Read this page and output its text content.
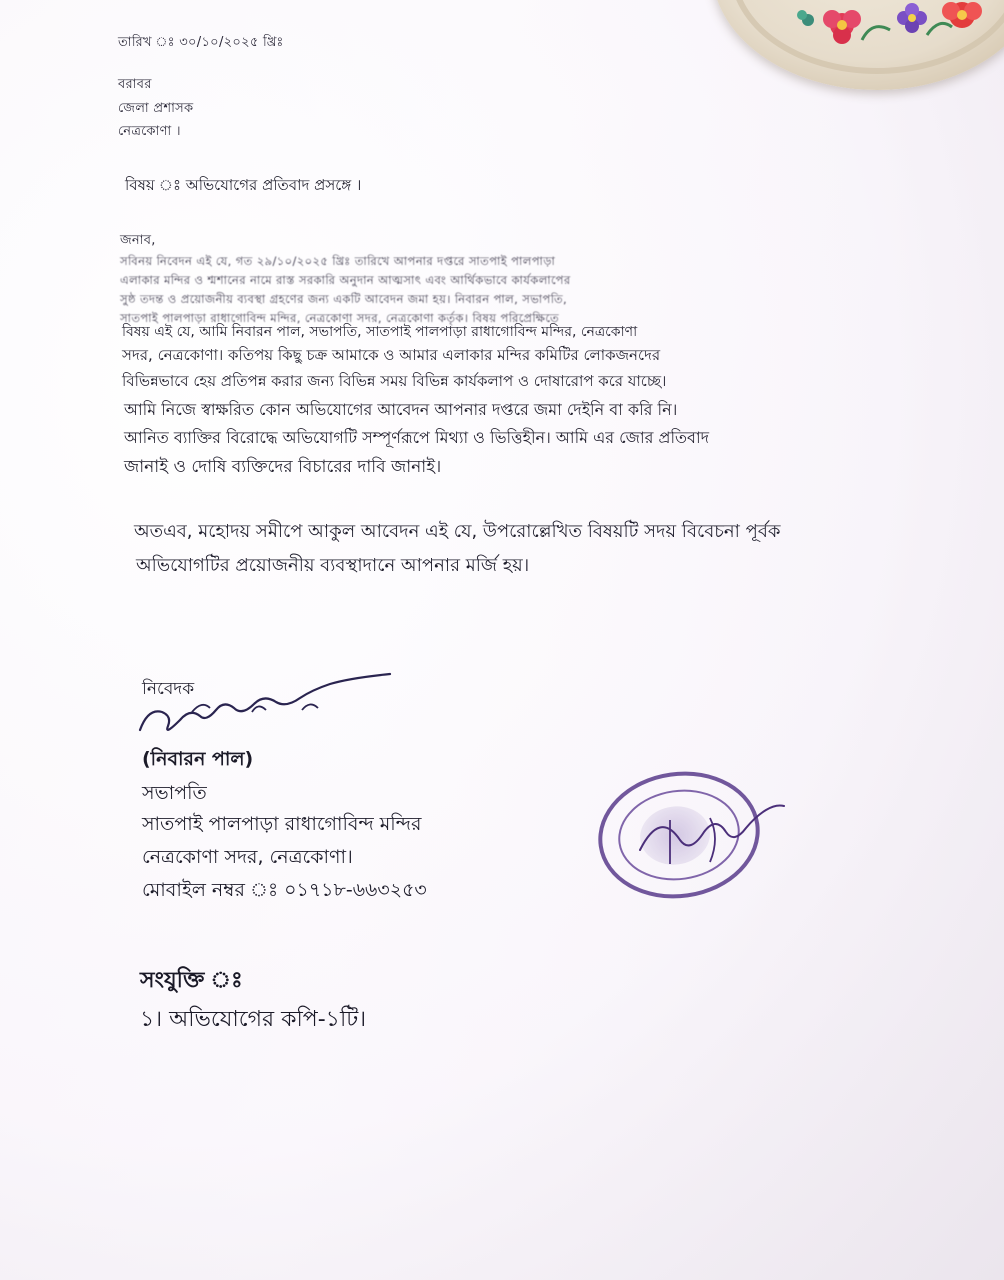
তারিখ ঃ ৩০/১০/২০২৫ খ্রিঃ
বরাবর
জেলা প্রশাসক
নেত্রকোণা ।
বিষয় ঃ অভিযোগের প্রতিবাদ প্রসঙ্গে ।
জনাব,
সবিনয় নিবেদন এই যে, গত ২৯/১০/২০২৫ খ্রিঃ তারিখে আপনার দপ্তরে সাতপাই পালপাড়া
এলাকার মন্দির ও শ্মশানের নামে রাস্ত সরকারি অনুদান আত্মসাৎ এবং আর্থিকভাবে কার্যকলাপের
সুষ্ঠ তদন্ত ও প্রয়োজনীয় ব্যবস্থা গ্রহণের জন্য একটি আবেদন জমা হয়। নিবারন পাল, সভাপতি,
সাতপাই পালপাড়া রাধাগোবিন্দ মন্দির, নেত্রকোণা সদর, নেত্রকোণা কর্তৃক। বিষয় পরিপ্রেক্ষিতে
বিষয় এই যে, আমি নিবারন পাল, সভাপতি, সাতপাই পালপাড়া রাধাগোবিন্দ মন্দির, নেত্রকোণা
সদর, নেত্রকোণা। কতিপয় কিছু চক্র আমাকে ও আমার এলাকার মন্দির কমিটির লোকজনদের
বিভিন্নভাবে হেয় প্রতিপন্ন করার জন্য বিভিন্ন সময় বিভিন্ন কার্যকলাপ ও দোষারোপ করে যাচ্ছে।
আমি নিজে স্বাক্ষরিত কোন অভিযোগের আবেদন আপনার দপ্তরে জমা দেইনি বা করি নি।
আনিত ব্যাক্তির বিরোদ্ধে অভিযোগটি সম্পূর্ণরূপে মিথ্যা ও ভিত্তিহীন। আমি এর জোর প্রতিবাদ
জানাই ও দোষি ব্যক্তিদের বিচারের দাবি জানাই।
অতএব, মহোদয় সমীপে আকুল আবেদন এই যে, উপরোল্লেখিত বিষয়টি সদয় বিবেচনা পূর্বক
অভিযোগটির প্রয়োজনীয় ব্যবস্থাদানে আপনার মর্জি হয়।
নিবেদক
(নিবারন পাল)
সভাপতি
সাতপাই পালপাড়া রাধাগোবিন্দ মন্দির
নেত্রকোণা সদর, নেত্রকোণা।
মোবাইল নম্বর ঃ ০১৭১৮-৬৬৩২৫৩
সংযুক্তি ঃ
১। অভিযোগের কপি-১টি।
